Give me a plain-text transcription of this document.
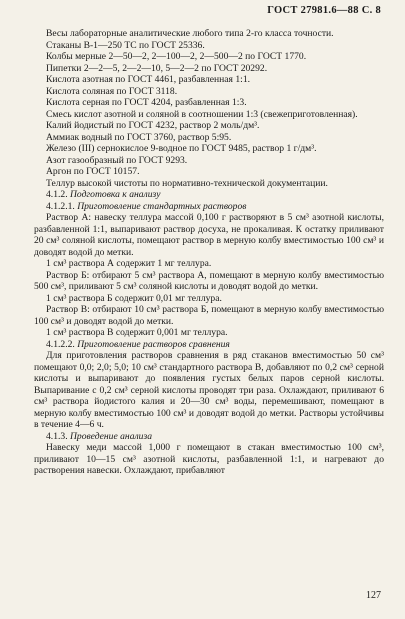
ГОСТ 27981.6—88 С. 8

Весы лабораторные аналитические любого типа 2-го класса точности.

Стаканы В-1—250 ТС по ГОСТ 25336.

Колбы мерные 2—50—2, 2—100—2, 2—500—2 по ГОСТ 1770.

Пипетки 2—2—5, 2—2—10, 5—2—2 по ГОСТ 20292.

Кислота азотная по ГОСТ 4461, разбавленная 1:1.

Кислота соляная по ГОСТ 3118.

Кислота серная по ГОСТ 4204, разбавленная 1:3.

Смесь кислот азотной и соляной в соотношении 1:3 (свежеприготовленная).

Калий йодистый по ГОСТ 4232, раствор 2 моль/дм³.

Аммиак водный по ГОСТ 3760, раствор 5:95.

Железо (III) сернокислое 9-водное по ГОСТ 9485, раствор 1 г/дм³.

Азот газообразный по ГОСТ 9293.

Аргон по ГОСТ 10157.

Теллур высокой чистоты по нормативно-технической документации.

4.1.2. Подготовка к анализу

4.1.2.1. Приготовление стандартных растворов

Раствор А: навеску теллура массой 0,100 г растворяют в 5 см³ азотной кислоты, разбавленной 1:1, выпаривают раствор досуха, не прокаливая. К остатку приливают 20 см³ соляной кислоты, помещают раствор в мерную колбу вместимостью 100 см³ и доводят водой до метки.

1 см³ раствора А содержит 1 мг теллура.

Раствор Б: отбирают 5 см³ раствора А, помещают в мерную колбу вместимостью 500 см³, приливают 5 см³ соляной кислоты и доводят водой до метки.

1 см³ раствора Б содержит 0,01 мг теллура.

Раствор В: отбирают 10 см³ раствора Б, помещают в мерную колбу вместимостью 100 см³ и доводят водой до метки.

1 см³ раствора В содержит 0,001 мг теллура.

4.1.2.2. Приготовление растворов сравнения

Для приготовления растворов сравнения в ряд стаканов вместимостью 50 см³ помещают 0,0; 2,0; 5,0; 10 см³ стандартного раствора В, добавляют по 0,2 см³ серной кислоты и выпаривают до появления густых белых паров серной кислоты. Выпаривание с 0,2 см³ серной кислоты проводят три раза. Охлаждают, приливают 6 см³ раствора йодистого калия и 20—30 см³ воды, перемешивают, помещают в мерную колбу вместимостью 100 см³ и доводят водой до метки. Растворы устойчивы в течение 4—6 ч.

4.1.3. Проведение анализа

Навеску меди массой 1,000 г помещают в стакан вместимостью 100 см³, приливают 10—15 см³ азотной кислоты, разбавленной 1:1, и нагревают до растворения навески. Охлаждают, прибавляют

127
